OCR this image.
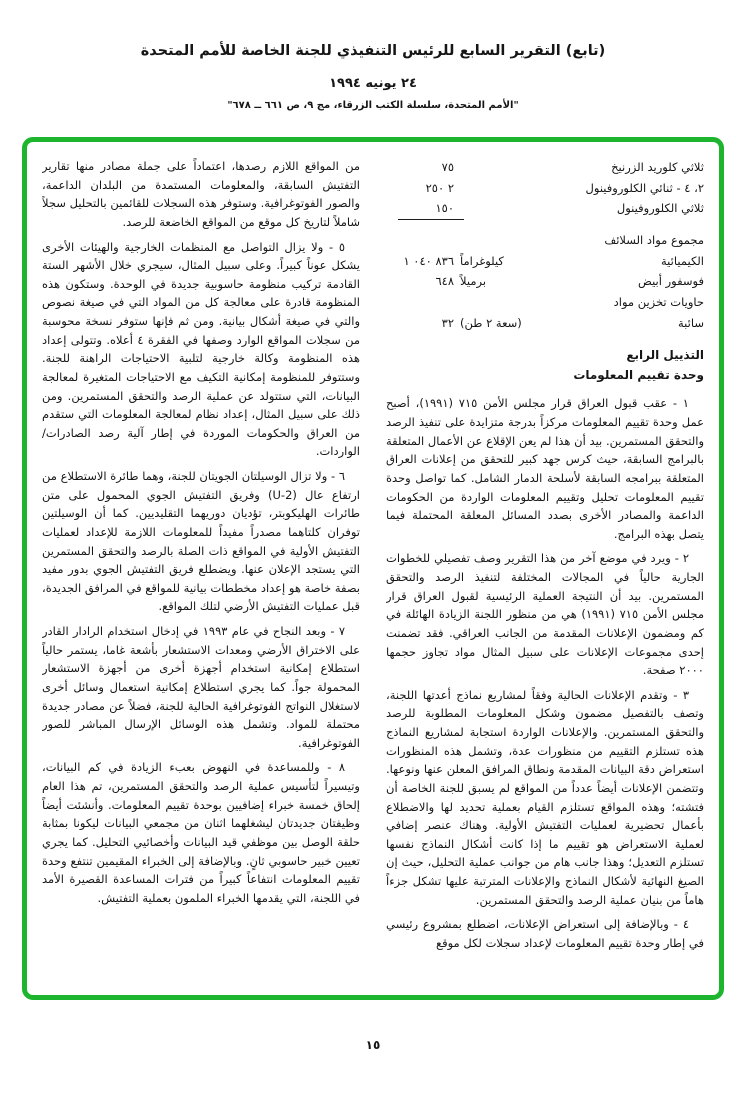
(تابع) التقرير السابع للرئيس التنفيذي للجنة الخاصة للأمم المتحدة
٢٤ يونيه ١٩٩٤
"الأمم المتحدة، سلسلة الكتب الزرقاء، مج ٩، ص ٦٦١ ــ ٦٧٨"
ثلاثي كلوريد الزرنيخ
٧٥
٢، ٤ - ثنائي الكلوروفينول
٢ ٢٥٠
ثلاثي الكلوروفينول
١٥٠
مجموع مواد السلائف
الكيميائية
٨٣٦ ٠٤٠ ١ كيلوغراماً
فوسفور أبيض
٦٤٨ برميلاً
حاويات تخزين مواد
سائبة
٣٢ (سعة ٢ طن)
التذييل الرابع
وحدة تقييم المعلومات

١ - عقب قبول العراق قرار مجلس الأمن ٧١٥ (١٩٩١)، أصبح عمل وحدة تقييم المعلومات مركزاً بدرجة متزايدة على تنفيذ الرصد والتحقق المستمرين. بيد أن هذا لم يعن الإقلاع عن الأعمال المتعلقة بالبرامج السابقة، حيث كرس جهد كبير للتحقق من إعلانات العراق المتعلقة ببرامجه السابقة لأسلحة الدمار الشامل. كما تواصل وحدة تقييم المعلومات تحليل وتقييم المعلومات الواردة من الحكومات الداعمة والمصادر الأخرى بصدد المسائل المعلقة المحتملة فيما يتصل بهذه البرامج.

٢ - ويرد في موضع آخر من هذا التقرير وصف تفصيلي للخطوات الجارية حالياً في المجالات المختلفة لتنفيذ الرصد والتحقق المستمرين. بيد أن النتيجة العملية الرئيسية لقبول العراق قرار مجلس الأمن ٧١٥ (١٩٩١) هي من منظور اللجنة الزيادة الهائلة في كم ومضمون الإعلانات المقدمة من الجانب العراقي. فقد تضمنت إحدى مجموعات الإعلانات على سبيل المثال مواد تجاوز حجمها ٢٠٠٠ صفحة.

٣ - وتقدم الإعلانات الحالية وفقاً لمشاريع نماذج أعدتها اللجنة، وتصف بالتفصيل مضمون وشكل المعلومات المطلوبة للرصد والتحقق المستمرين. والإعلانات الواردة استجابة لمشاريع النماذج هذه تستلزم التقييم من منظورات عدة، وتشمل هذه المنظورات استعراض دقة البيانات المقدمة ونطاق المرافق المعلن عنها ونوعها. وتتضمن الإعلانات أيضاً عدداً من المواقع لم يسبق للجنة الخاصة أن فتشته؛ وهذه المواقع تستلزم القيام بعملية تحديد لها والاضطلاع بأعمال تحضيرية لعمليات التفتيش الأولية. وهناك عنصر إضافي لعملية الاستعراض هو تقييم ما إذا كانت أشكال النماذج نفسها تستلزم التعديل؛ وهذا جانب هام من جوانب عملية التحليل، حيث إن الصيغ النهائية لأشكال النماذج والإعلانات المترتبة عليها تشكل جزءاً هاماً من بنيان عملية الرصد والتحقق المستمرين.

٤ - وبالإضافة إلى استعراض الإعلانات، اضطلع بمشروع رئيسي في إطار وحدة تقييم المعلومات لإعداد سجلات لكل موقع

من المواقع اللازم رصدها، اعتماداً على جملة مصادر منها تقارير التفتيش السابقة، والمعلومات المستمدة من البلدان الداعمة، والصور الفوتوغرافية. وستوفر هذه السجلات للقائمين بالتحليل سجلاً شاملاً لتاريخ كل موقع من المواقع الخاضعة للرصد.

٥ - ولا يزال التواصل مع المنظمات الخارجية والهيئات الأخرى يشكل عوناً كبيراً. وعلى سبيل المثال، سيجري خلال الأشهر الستة القادمة تركيب منظومة حاسوبية جديدة في الوحدة. وستكون هذه المنظومة قادرة على معالجة كل من المواد التي في صيغة نصوص والتي في صيغة أشكال بيانية. ومن ثم فإنها ستوفر نسخة محوسبة من سجلات المواقع الوارد وصفها في الفقرة ٤ أعلاه. وتتولى إعداد هذه المنظومة وكالة خارجية لتلبية الاحتياجات الراهنة للجنة. وستتوفر للمنظومة إمكانية التكيف مع الاحتياجات المتغيرة لمعالجة البيانات، التي ستتولد عن عملية الرصد والتحقق المستمرين. ومن ذلك على سبيل المثال، إعداد نظام لمعالجة المعلومات التي ستقدم من العراق والحكومات الموردة في إطار آلية رصد الصادرات/الواردات.

٦ - ولا تزال الوسيلتان الجويتان للجنة، وهما طائرة الاستطلاع من ارتفاع عال (U-2) وفريق التفتيش الجوي المحمول على متن طائرات الهليكوبتر، تؤديان دوريهما التقليديين. كما أن الوسيلتين توفران كلتاهما مصدراً مفيداً للمعلومات اللازمة للإعداد لعمليات التفتيش الأولية في المواقع ذات الصلة بالرصد والتحقق المستمرين التي يستجد الإعلان عنها. ويضطلع فريق التفتيش الجوي بدور مفيد بصفة خاصة هو إعداد مخططات بيانية للمواقع في المرافق الجديدة، قبل عمليات التفتيش الأرضي لتلك المواقع.

٧ - وبعد النجاح في عام ١٩٩٣ في إدخال استخدام الرادار القادر على الاختراق الأرضي ومعدات الاستشعار بأشعة غاما، يستمر حالياً استطلاع إمكانية استخدام أجهزة أخرى من أجهزة الاستشعار المحمولة جواً. كما يجري استطلاع إمكانية استعمال وسائل أخرى لاستغلال النواتج الفوتوغرافية الحالية للجنة، فضلاً عن مصادر جديدة محتملة للمواد. وتشمل هذه الوسائل الإرسال المباشر للصور الفوتوغرافية.

٨ - وللمساعدة في النهوض بعبء الزيادة في كم البيانات، وتيسيراً لتأسيس عملية الرصد والتحقق المستمرين، تم هذا العام إلحاق خمسة خبراء إضافيين بوحدة تقييم المعلومات. وأنشئت أيضاً وظيفتان جديدتان ليشغلهما اثنان من مجمعي البيانات ليكونا بمثابة حلقة الوصل بين موظفي قيد البيانات وأخصائيي التحليل. كما يجري تعيين خبير حاسوبي ثانٍ. وبالإضافة إلى الخبراء المقيمين تنتفع وحدة تقييم المعلومات انتفاعاً كبيراً من فترات المساعدة القصيرة الأمد في اللجنة، التي يقدمها الخبراء الملمون بعملية التفتيش.

١٥
